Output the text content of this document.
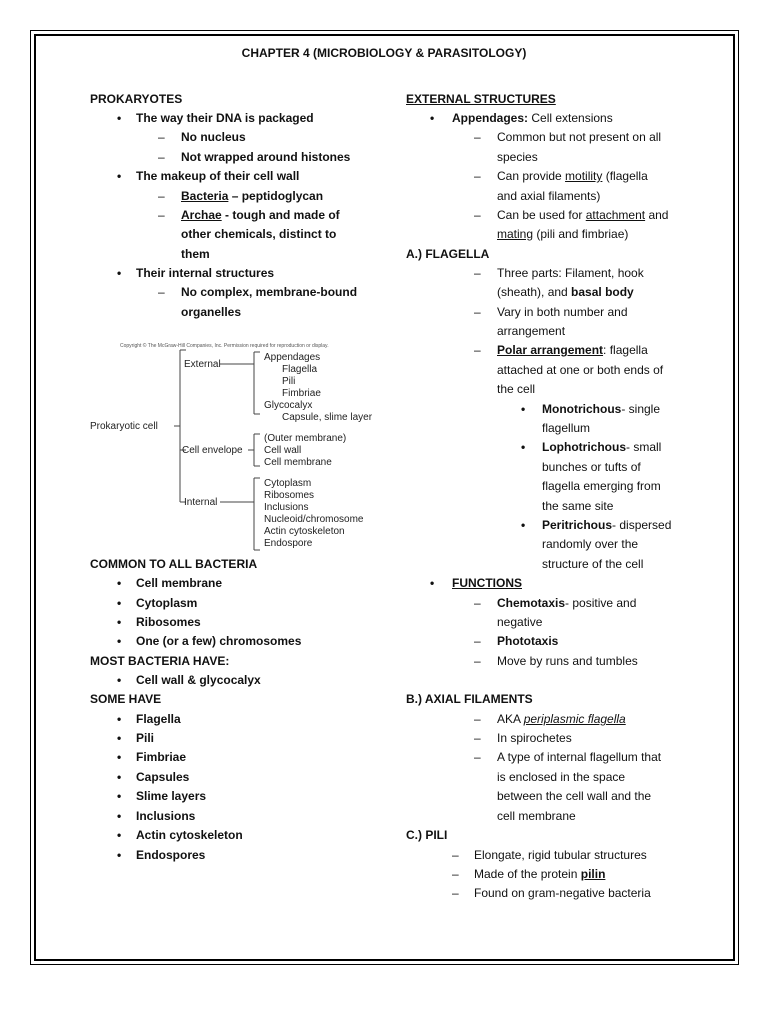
CHAPTER 4 (MICROBIOLOGY & PARASITOLOGY)
PROKARYOTES
• The way their DNA is packaged
– No nucleus
– Not wrapped around histones
• The makeup of their cell wall
– Bacteria – peptidoglycan
– Archae - tough and made of
other chemicals, distinct to
them
• Their internal structures
– No complex, membrane-bound
organelles
Copyright © The McGraw-Hill Companies, Inc. Permission required for reproduction or display.
Prokaryotic cell
External
Appendages
Flagella
Pili
Fimbriae
Glycocalyx
Capsule, slime layer
Cell envelope
(Outer membrane)
Cell wall
Cell membrane
Internal
Cytoplasm
Ribosomes
Inclusions
Nucleoid/chromosome
Actin cytoskeleton
Endospore
COMMON TO ALL BACTERIA
• Cell membrane
• Cytoplasm
• Ribosomes
• One (or a few) chromosomes
MOST BACTERIA HAVE:
• Cell wall & glycocalyx
SOME HAVE
• Flagella
• Pili
• Fimbriae
• Capsules
• Slime layers
• Inclusions
• Actin cytoskeleton
• Endospores
EXTERNAL STRUCTURES
• Appendages: Cell extensions
– Common but not present on all
species
– Can provide motility (flagella
and axial filaments)
– Can be used for attachment and
mating (pili and fimbriae)
A.) FLAGELLA
– Three parts: Filament, hook
(sheath), and basal body
– Vary in both number and
arrangement
– Polar arrangement: flagella
attached at one or both ends of
the cell
• Monotrichous- single
flagellum
• Lophotrichous- small
bunches or tufts of
flagella emerging from
the same site
• Peritrichous- dispersed
randomly over the
structure of the cell
• FUNCTIONS
– Chemotaxis- positive and
negative
– Phototaxis
– Move by runs and tumbles
B.) AXIAL FILAMENTS
– AKA periplasmic flagella
– In spirochetes
– A type of internal flagellum that
is enclosed in the space
between the cell wall and the
cell membrane
C.) PILI
– Elongate, rigid tubular structures
– Made of the protein pilin
– Found on gram-negative bacteria
